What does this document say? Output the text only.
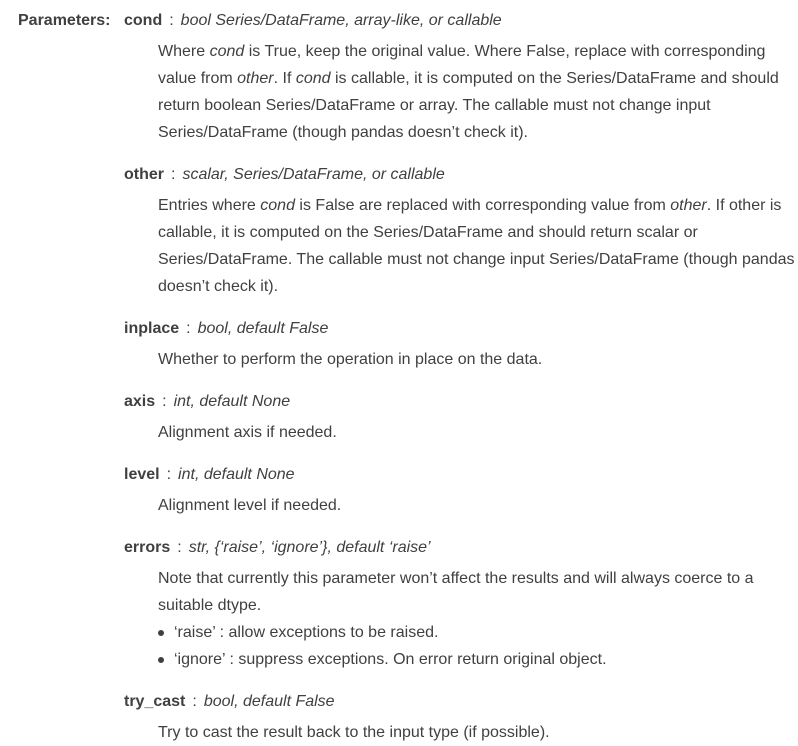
Parameters: cond : bool Series/DataFrame, array-like, or callable
Where cond is True, keep the original value. Where False, replace with corresponding value from other. If cond is callable, it is computed on the Series/DataFrame and should return boolean Series/DataFrame or array. The callable must not change input Series/DataFrame (though pandas doesn’t check it).
other : scalar, Series/DataFrame, or callable
Entries where cond is False are replaced with corresponding value from other. If other is callable, it is computed on the Series/DataFrame and should return scalar or Series/DataFrame. The callable must not change input Series/DataFrame (though pandas doesn’t check it).
inplace : bool, default False
Whether to perform the operation in place on the data.
axis : int, default None
Alignment axis if needed.
level : int, default None
Alignment level if needed.
errors : str, {‘raise’, ‘ignore’}, default ‘raise’
Note that currently this parameter won’t affect the results and will always coerce to a suitable dtype.
‘raise’ : allow exceptions to be raised.
‘ignore’ : suppress exceptions. On error return original object.
try_cast : bool, default False
Try to cast the result back to the input type (if possible).
